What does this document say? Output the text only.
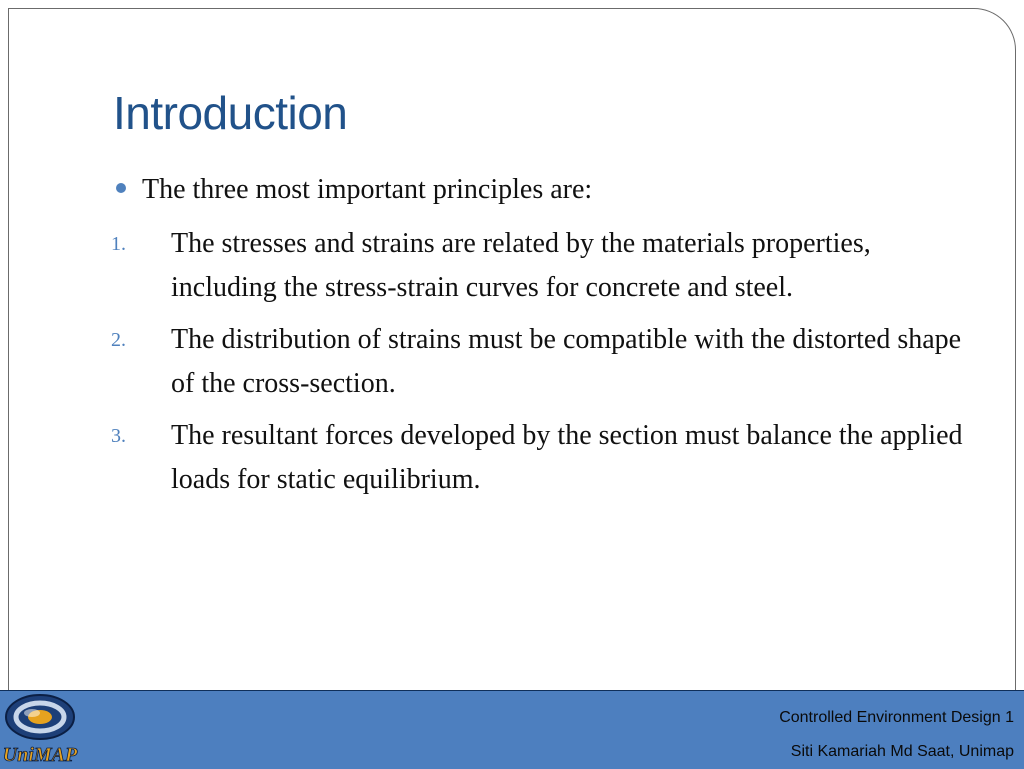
Introduction
The three most important principles are:
1. The stresses and strains are related by the materials properties, including the stress-strain curves for concrete and steel.
2. The distribution of strains must be compatible with the distorted shape of the cross-section.
3. The resultant forces developed by the section must balance the applied loads for static equilibrium.
UniMAP
Controlled Environment Design 1
Siti Kamariah Md Saat, Unimap
